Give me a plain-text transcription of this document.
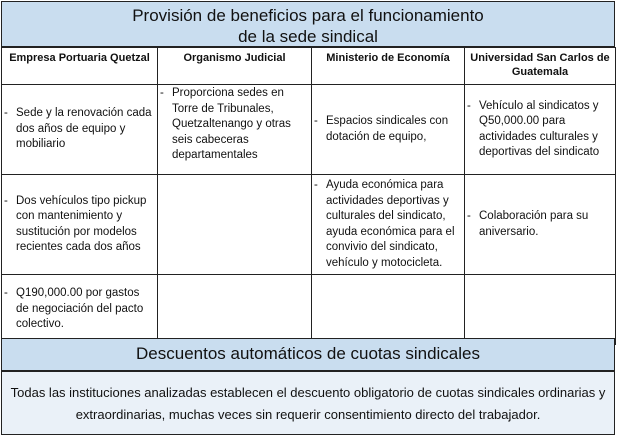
Provisión de beneficios para el funcionamiento
de la sede sindical
Empresa Portuaria Quetzal	Organismo Judicial	Ministerio de Economía	Universidad San Carlos de Guatemala

- Sede y la renovación cada dos años de equipo y mobiliario	- Proporciona sedes en Torre de Tribunales, Quetzaltenango y otras seis cabeceras departamentales	- Espacios sindicales con dotación de equipo,	- Vehículo al sindicatos y Q50,000.00 para actividades culturales y deportivas del sindicato

- Dos vehículos tipo pickup con mantenimiento y sustitución por modelos recientes cada dos años		- Ayuda económica para actividades deportivas y culturales del sindicato, ayuda económica para el convivio del sindicato, vehículo y motocicleta.	- Colaboración para su aniversario.

- Q190,000.00 por gastos de negociación del pacto colectivo.			

Descuentos automáticos de cuotas sindicales
Todas las instituciones analizadas establecen el descuento obligatorio de cuotas sindicales ordinarias y extraordinarias, muchas veces sin requerir consentimiento directo del trabajador.
